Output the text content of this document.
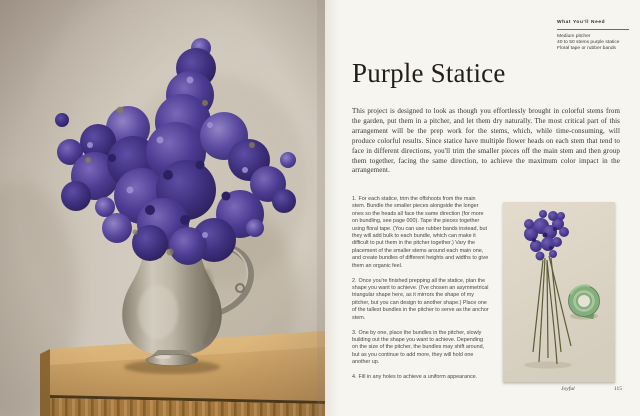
What You'll Need
Medium pitcher
40 to 50 stems purple statice
Floral tape or rubber bands
Purple Statice

This project is designed to look as though you effortlessly brought in colorful stems from the garden, put them in a pitcher, and let them dry naturally. The most critical part of this arrangement will be the prep work for the stems, which, while time-consuming, will produce colorful results. Since statice have multiple flower heads on each stem that tend to face in different directions, you'll trim the smaller pieces off the main stem and then group them together, facing the same direction, to achieve the maximum color impact in the arrangement.

1. For each statice, trim the offshoots from the main stem. Bundle the smaller pieces alongside the longer ones so the heads all face the same direction (for more on bundling, see page 000). Tape the pieces together using floral tape. (You can use rubber bands instead, but they will add bulk to each bundle, which can make it difficult to put them in the pitcher together.) Vary the placement of the smaller stems around each main one, and create bundles of different heights and widths to give them an organic feel.

2. Once you're finished prepping all the statice, plan the shape you want to achieve. (I've chosen an asymmetrical triangular shape here, as it mirrors the shape of my pitcher, but you can design to another shape.) Place one of the tallest bundles in the pitcher to serve as the anchor stem.

3. One by one, place the bundles in the pitcher, slowly building out the shape you want to achieve. Depending on the size of the pitcher, the bundles may shift around, but as you continue to add more, they will hold one another up.

4. Fill in any holes to achieve a uniform appearance.

Joyful	115
